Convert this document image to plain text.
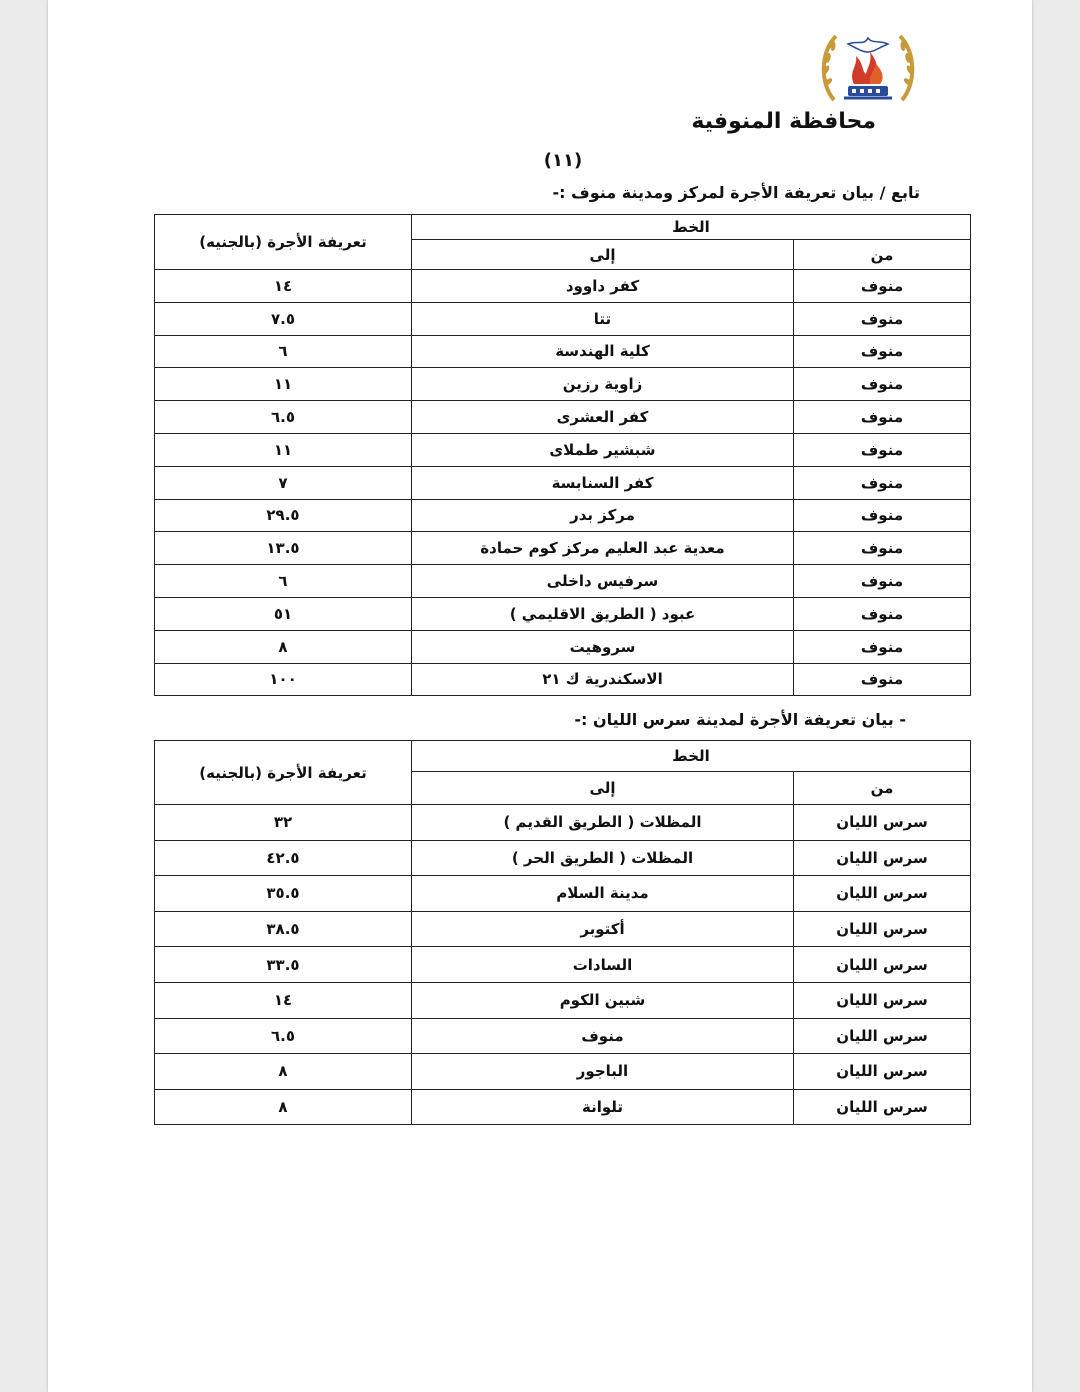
محافظة المنوفية
(١١)
تابع / بيان تعريفة الأجرة لمركز ومدينة منوف :-
الخط		تعريفة الأجرة (بالجنيه)
من	إلى	
منوف	كفر داوود	١٤
منوف	تتا	٧.٥
منوف	كلية الهندسة	٦
منوف	زاوية رزين	١١
منوف	كفر العشرى	٦.٥
منوف	شبشير طملاى	١١
منوف	كفر السنابسة	٧
منوف	مركز بدر	٢٩.٥
منوف	معدية عبد العليم مركز كوم حمادة	١٣.٥
منوف	سرفيس داخلى	٦
منوف	عبود ( الطريق الاقليمي )	٥١
منوف	سروهيت	٨
منوف	الاسكندرية ك ٢١	١٠٠
- بيان تعريفة الأجرة لمدينة سرس الليان :-
الخط		تعريفة الأجرة (بالجنيه)
من	إلى	
سرس الليان	المظلات ( الطريق القديم )	٣٢
سرس الليان	المظلات ( الطريق الحر )	٤٢.٥
سرس الليان	مدينة السلام	٣٥.٥
سرس الليان	أكتوبر	٣٨.٥
سرس الليان	السادات	٣٣.٥
سرس الليان	شبين الكوم	١٤
سرس الليان	منوف	٦.٥
سرس الليان	الباجور	٨
سرس الليان	تلوانة	٨
